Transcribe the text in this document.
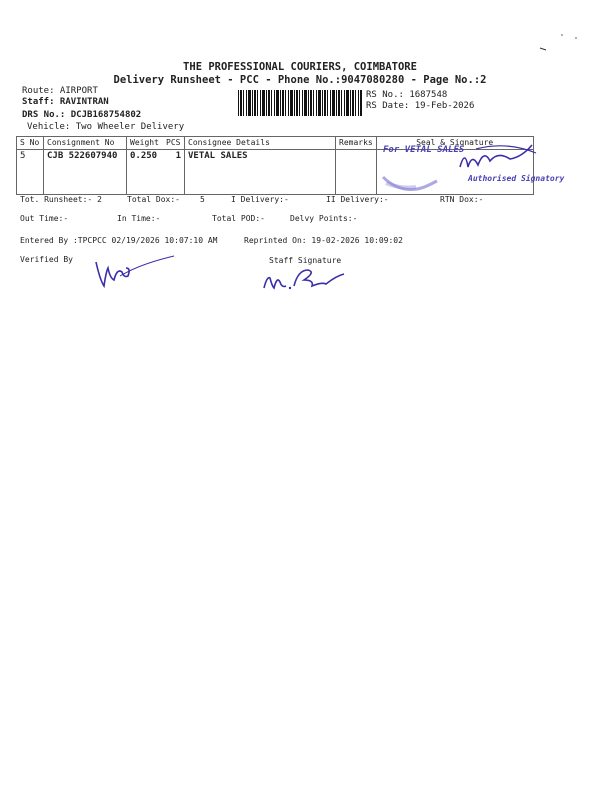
THE PROFESSIONAL COURIERS, COIMBATORE
Delivery Runsheet - PCC - Phone No.:9047080280 - Page No.:2
Route: AIRPORT
Staff: RAVINTRAN
DRS No.: DCJB168754802
Vehicle: Two Wheeler Delivery
RS No.: 1687548
RS Date: 19-Feb-2026
S No	Consignment No	Weight	PCS	Consignee Details	Remarks	Seal & Signature
5	CJB 522607940	0.250	1	VETAL SALES		
For VETAL SALES
Authorised Signatory
Tot. Runsheet:- 2	Total Dox:-	5	I Delivery:-	II Delivery:-	RTN Dox:-
Out Time:-	In Time:-	Total POD:-	Delvy Points:-
Entered By :TPCPCC 02/19/2026 10:07:10 AM	Reprinted On: 19-02-2026 10:09:02
Verified By	Staff Signature
